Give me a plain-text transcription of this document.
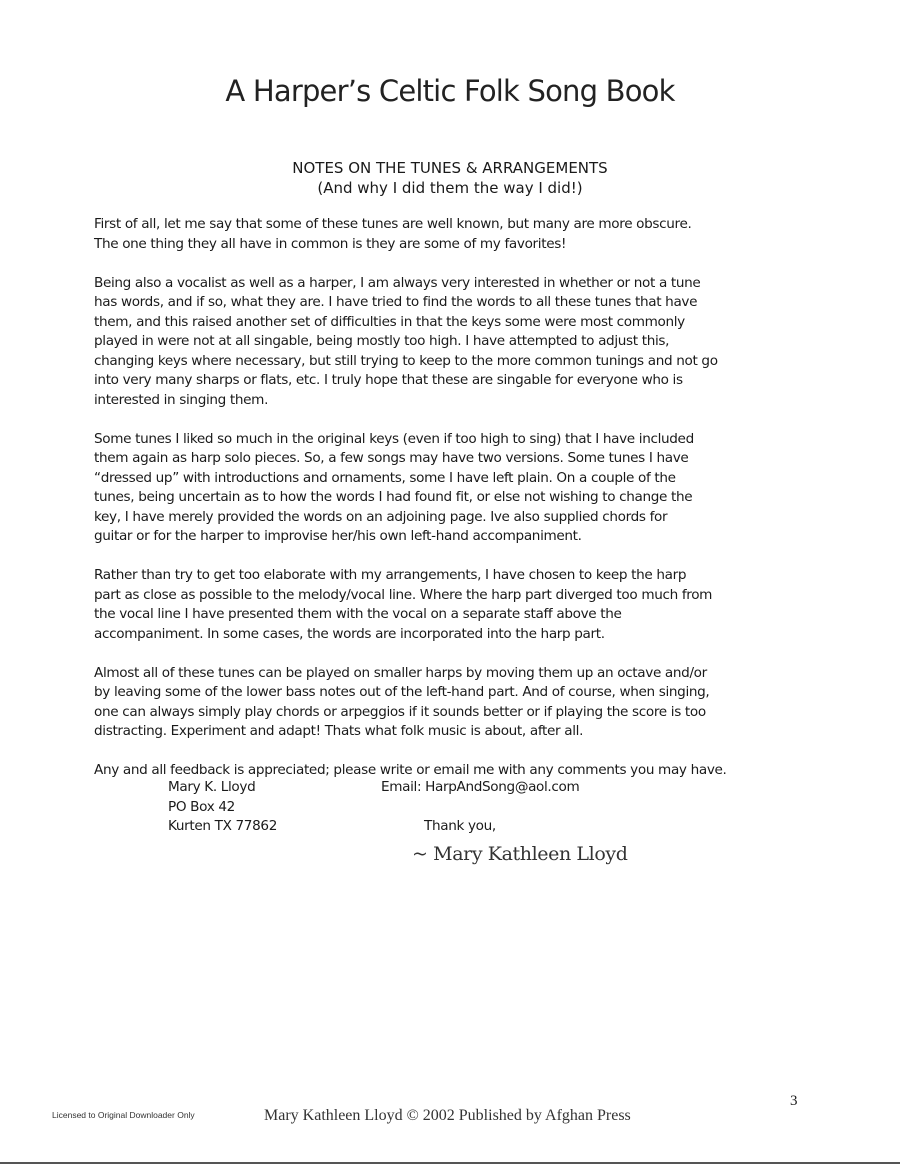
A Harper’s Celtic Folk Song Book
NOTES ON THE TUNES & ARRANGEMENTS
(And why I did them the way I did!)

First of all, let me say that some of these tunes are well known, but many are more obscure.
The one thing they all have in common is they are some of my favorites!

Being also a vocalist as well as a harper, I am always very interested in whether or not a tune
has words, and if so, what they are. I have tried to find the words to all these tunes that have
them, and this raised another set of difficulties in that the keys some were most commonly
played in were not at all singable, being mostly too high. I have attempted to adjust this,
changing keys where necessary, but still trying to keep to the more common tunings and not go
into very many sharps or flats, etc. I truly hope that these are singable for everyone who is
interested in singing them.

Some tunes I liked so much in the original keys (even if too high to sing) that I have included
them again as harp solo pieces. So, a few songs may have two versions. Some tunes I have
“dressed up” with introductions and ornaments, some I have left plain. On a couple of the
tunes, being uncertain as to how the words I had found fit, or else not wishing to change the
key, I have merely provided the words on an adjoining page. Ive also supplied chords for
guitar or for the harper to improvise her/his own left-hand accompaniment.

Rather than try to get too elaborate with my arrangements, I have chosen to keep the harp
part as close as possible to the melody/vocal line. Where the harp part diverged too much from
the vocal line I have presented them with the vocal on a separate staff above the
accompaniment. In some cases, the words are incorporated into the harp part.

Almost all of these tunes can be played on smaller harps by moving them up an octave and/or
by leaving some of the lower bass notes out of the left-hand part. And of course, when singing,
one can always simply play chords or arpeggios if it sounds better or if playing the score is too
distracting. Experiment and adapt! Thats what folk music is about, after all.

Any and all feedback is appreciated; please write or email me with any comments you may have.

Mary K. Lloyd
PO Box 42
Kurten TX 77862
Email: HarpAndSong@aol.com
Thank you,
~ Mary Kathleen Lloyd
3
Licensed to Original Downloader Only	Mary Kathleen Lloyd © 2002 Published by Afghan Press
